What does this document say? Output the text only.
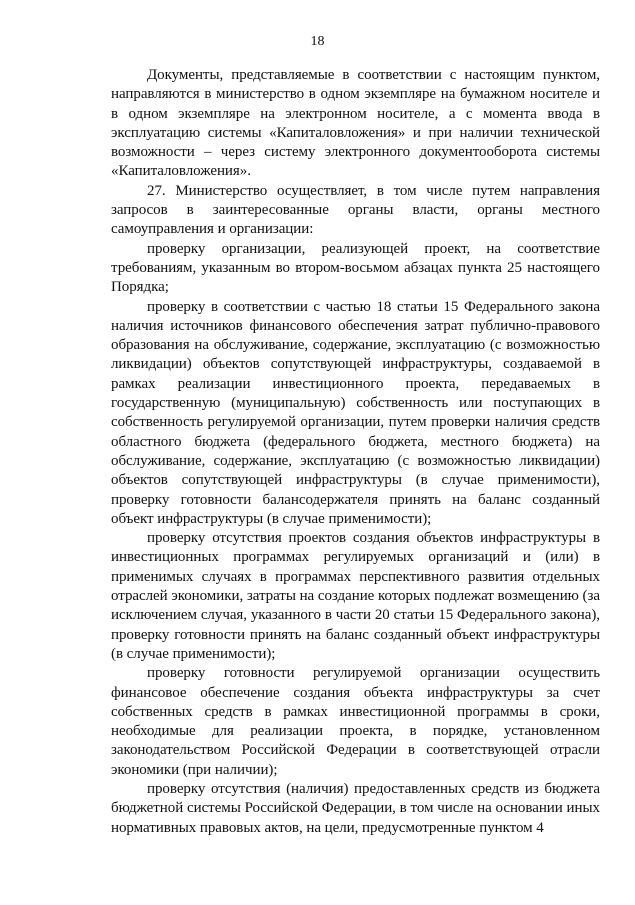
18

Документы, представляемые в соответствии с настоящим пунктом, направляются в министерство в одном экземпляре на бумажном носителе и в одном экземпляре на электронном носителе, а с момента ввода в эксплуатацию системы «Капиталовложения» и при наличии технической возможности – через систему электронного документооборота системы «Капиталовложения».

27. Министерство осуществляет, в том числе путем направления запросов в заинтересованные органы власти, органы местного самоуправления и организации:

проверку организации, реализующей проект, на соответствие требованиям, указанным во втором-восьмом абзацах пункта 25 настоящего Порядка;

проверку в соответствии с частью 18 статьи 15 Федерального закона наличия источников финансового обеспечения затрат публично-правового образования на обслуживание, содержание, эксплуатацию (с возможностью ликвидации) объектов сопутствующей инфраструктуры, создаваемой в рамках реализации инвестиционного проекта, передаваемых в государственную (муниципальную) собственность или поступающих в собственность регулируемой организации, путем проверки наличия средств областного бюджета (федерального бюджета, местного бюджета) на обслуживание, содержание, эксплуатацию (с возможностью ликвидации) объектов сопутствующей инфраструктуры (в случае применимости), проверку готовности балансодержателя принять на баланс созданный объект инфраструктуры (в случае применимости);

проверку отсутствия проектов создания объектов инфраструктуры в инвестиционных программах регулируемых организаций и (или) в применимых случаях в программах перспективного развития отдельных отраслей экономики, затраты на создание которых подлежат возмещению (за исключением случая, указанного в части 20 статьи 15 Федерального закона), проверку готовности принять на баланс созданный объект инфраструктуры (в случае применимости);

проверку готовности регулируемой организации осуществить финансовое обеспечение создания объекта инфраструктуры за счет собственных средств в рамках инвестиционной программы в сроки, необходимые для реализации проекта, в порядке, установленном законодательством Российской Федерации в соответствующей отрасли экономики (при наличии);

проверку отсутствия (наличия) предоставленных средств из бюджета бюджетной системы Российской Федерации, в том числе на основании иных нормативных правовых актов, на цели, предусмотренные пунктом 4
